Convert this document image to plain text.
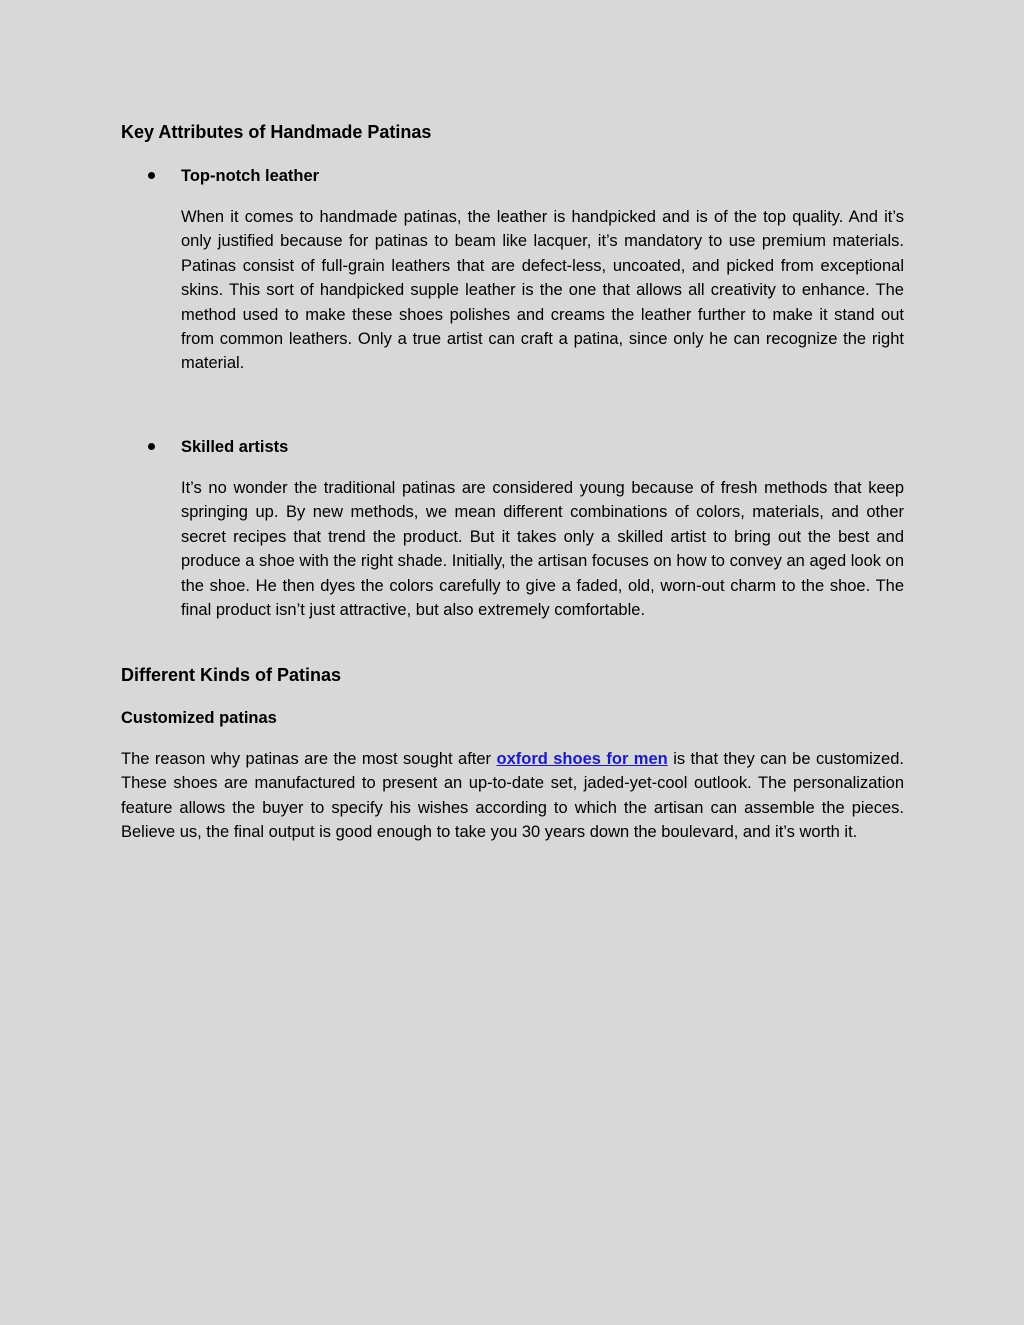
Key Attributes of Handmade Patinas
Top-notch leather

When it comes to handmade patinas, the leather is handpicked and is of the top quality. And it’s only justified because for patinas to beam like lacquer, it’s mandatory to use premium materials. Patinas consist of full-grain leathers that are defect-less, uncoated, and picked from exceptional skins. This sort of handpicked supple leather is the one that allows all creativity to enhance. The method used to make these shoes polishes and creams the leather further to make it stand out from common leathers. Only a true artist can craft a patina, since only he can recognize the right material.

Skilled artists

It’s no wonder the traditional patinas are considered young because of fresh methods that keep springing up. By new methods, we mean different combinations of colors, materials, and other secret recipes that trend the product. But it takes only a skilled artist to bring out the best and produce a shoe with the right shade. Initially, the artisan focuses on how to convey an aged look on the shoe. He then dyes the colors carefully to give a faded, old, worn-out charm to the shoe. The final product isn’t just attractive, but also extremely comfortable.

Different Kinds of Patinas
Customized patinas

The reason why patinas are the most sought after oxford shoes for men is that they can be customized. These shoes are manufactured to present an up-to-date set, jaded-yet-cool outlook. The personalization feature allows the buyer to specify his wishes according to which the artisan can assemble the pieces. Believe us, the final output is good enough to take you 30 years down the boulevard, and it’s worth it.
